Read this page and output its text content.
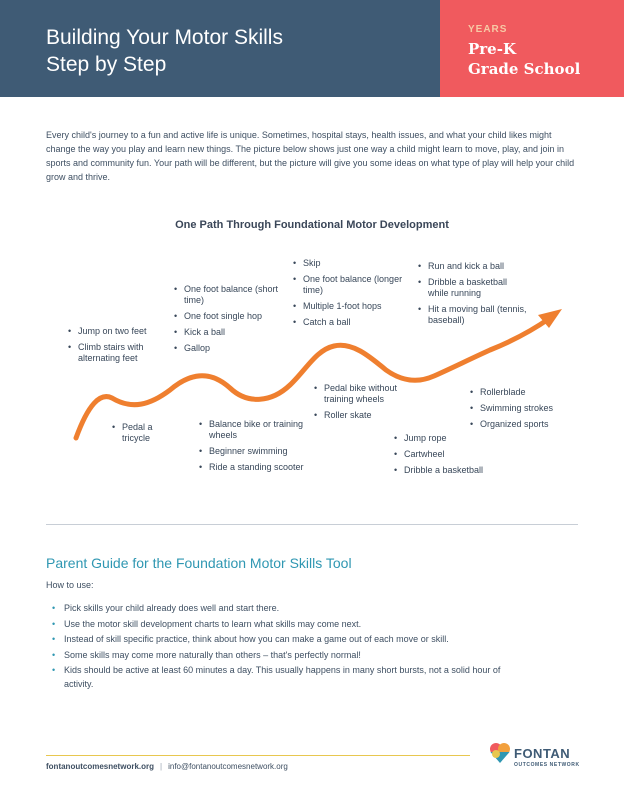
Building Your Motor Skills
Step by Step
YEARS
Pre-K
Grade School

Every child's journey to a fun and active life is unique. Sometimes, hospital stays, health issues, and what your child likes might change the way you play and learn new things. The picture below shows just one way a child might learn to move, play, and join in sports and community fun. Your path will be different, but the picture will give you some ideas on what type of play will help your child grow and thrive.

One Path Through Foundational Motor Development
• Jump on two feet
• Climb stairs with alternating feet
• Pedal a tricycle
• One foot balance (short time)
• One foot single hop
• Kick a ball
• Gallop
• Balance bike or training wheels
• Beginner swimming
• Ride a standing scooter
• Skip
• One foot balance (longer time)
• Multiple 1-foot hops
• Catch a ball
• Pedal bike without training wheels
• Roller skate
• Run and kick a ball
• Dribble a basketball while running
• Hit a moving ball (tennis, baseball)
• Jump rope
• Cartwheel
• Dribble a basketball
• Rollerblade
• Swimming strokes
• Organized sports
Parent Guide for the Foundation Motor Skills Tool
How to use:
• Pick skills your child already does well and start there.
• Use the motor skill development charts to learn what skills may come next.
• Instead of skill specific practice, think about how you can make a game out of each move or skill.
• Some skills may come more naturally than others – that's perfectly normal!
• Kids should be active at least 60 minutes a day. This usually happens in many short bursts, not a solid hour of activity.
fontanoutcomesnetwork.org | info@fontanoutcomesnetwork.org
FONTAN
OUTCOMES NETWORK
